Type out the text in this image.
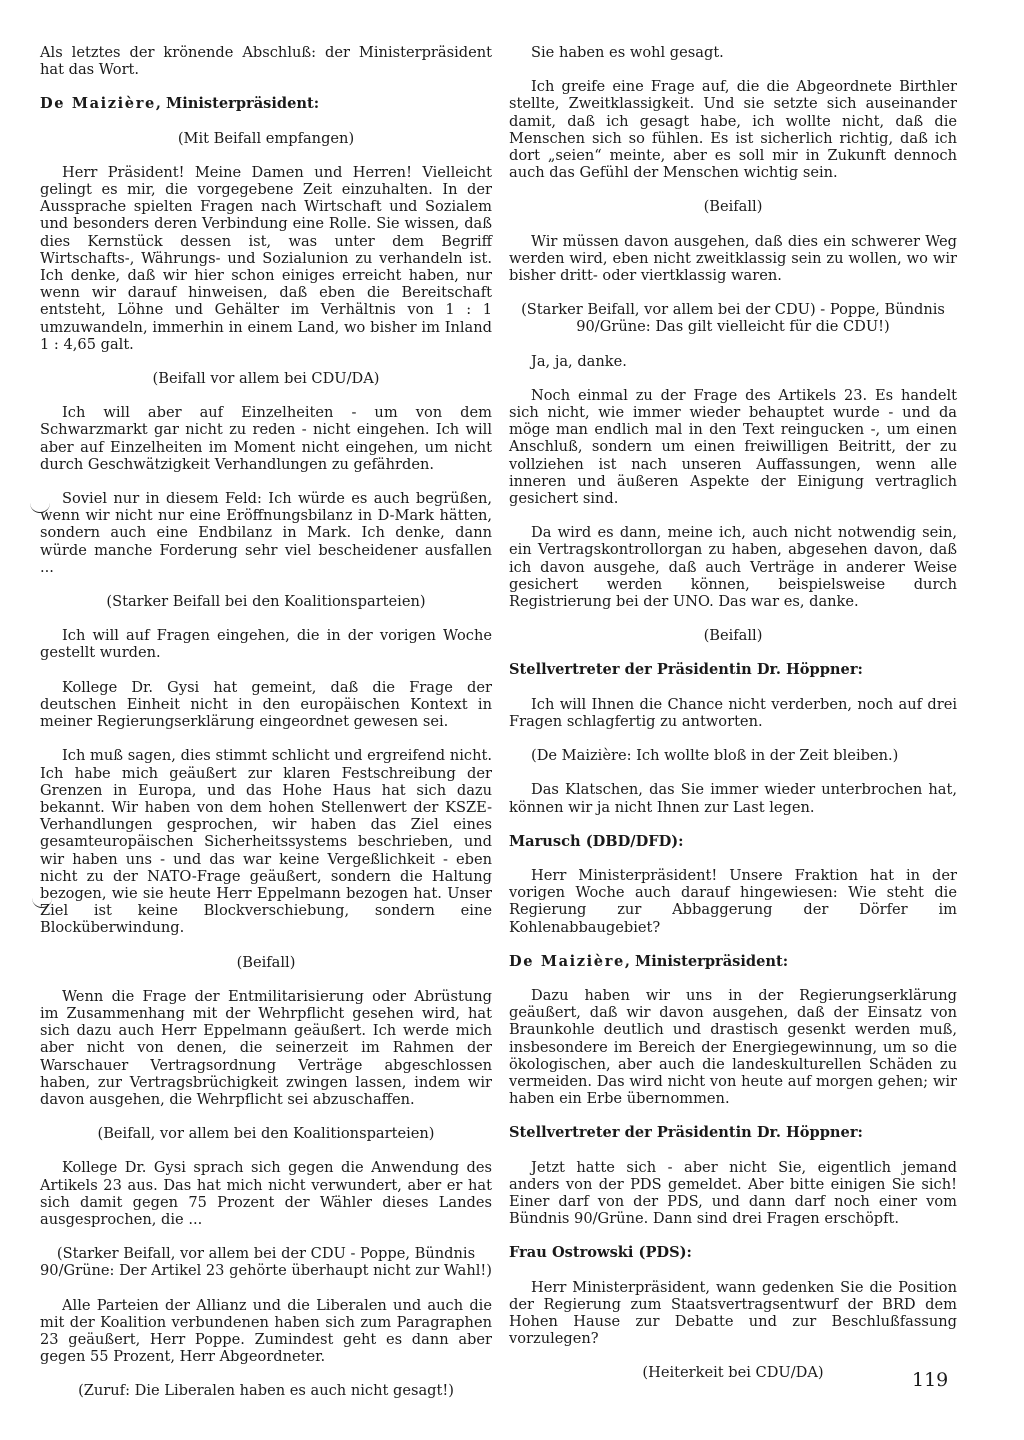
Als letztes der krönende Abschluß: der Ministerpräsident hat das Wort.

De Maizière, Ministerpräsident:

(Mit Beifall empfangen)

Herr Präsident! Meine Damen und Herren! Vielleicht gelingt es mir, die vorgegebene Zeit einzuhalten. In der Aussprache spielten Fragen nach Wirtschaft und Sozialem und besonders deren Verbindung eine Rolle. Sie wissen, daß dies Kernstück dessen ist, was unter dem Begriff Wirtschafts-, Währungs- und Sozialunion zu verhandeln ist. Ich denke, daß wir hier schon einiges erreicht haben, nur wenn wir darauf hinweisen, daß eben die Bereitschaft entsteht, Löhne und Gehälter im Verhältnis von 1 : 1 umzuwandeln, immerhin in einem Land, wo bisher im Inland 1 : 4,65 galt.

(Beifall vor allem bei CDU/DA)

Ich will aber auf Einzelheiten - um von dem Schwarzmarkt gar nicht zu reden - nicht eingehen. Ich will aber auf Einzelheiten im Moment nicht eingehen, um nicht durch Geschwätzigkeit Verhandlungen zu gefährden.

Soviel nur in diesem Feld: Ich würde es auch begrüßen, wenn wir nicht nur eine Eröffnungsbilanz in D-Mark hätten, sondern auch eine Endbilanz in Mark. Ich denke, dann würde manche Forderung sehr viel bescheidener ausfallen ...

(Starker Beifall bei den Koalitionsparteien)

Ich will auf Fragen eingehen, die in der vorigen Woche gestellt wurden.

Kollege Dr. Gysi hat gemeint, daß die Frage der deutschen Einheit nicht in den europäischen Kontext in meiner Regierungserklärung eingeordnet gewesen sei.

Ich muß sagen, dies stimmt schlicht und ergreifend nicht. Ich habe mich geäußert zur klaren Festschreibung der Grenzen in Europa, und das Hohe Haus hat sich dazu bekannt. Wir haben von dem hohen Stellenwert der KSZE-Verhandlungen gesprochen, wir haben das Ziel eines gesamteuropäischen Sicherheitssystems beschrieben, und wir haben uns - und das war keine Vergeßlichkeit - eben nicht zu der NATO-Frage geäußert, sondern die Haltung bezogen, wie sie heute Herr Eppelmann bezogen hat. Unser Ziel ist keine Blockverschiebung, sondern eine Blocküberwindung.

(Beifall)

Wenn die Frage der Entmilitarisierung oder Abrüstung im Zusammenhang mit der Wehrpflicht gesehen wird, hat sich dazu auch Herr Eppelmann geäußert. Ich werde mich aber nicht von denen, die seinerzeit im Rahmen der Warschauer Vertragsordnung Verträge abgeschlossen haben, zur Vertragsbrüchigkeit zwingen lassen, indem wir davon ausgehen, die Wehrpflicht sei abzuschaffen.

(Beifall, vor allem bei den Koalitionsparteien)

Kollege Dr. Gysi sprach sich gegen die Anwendung des Artikels 23 aus. Das hat mich nicht verwundert, aber er hat sich damit gegen 75 Prozent der Wähler dieses Landes ausgesprochen, die ...

(Starker Beifall, vor allem bei der CDU - Poppe, Bündnis 90/Grüne: Der Artikel 23 gehörte überhaupt nicht zur Wahl!)

Alle Parteien der Allianz und die Liberalen und auch die mit der Koalition verbundenen haben sich zum Paragraphen 23 geäußert, Herr Poppe. Zumindest geht es dann aber gegen 55 Prozent, Herr Abgeordneter.

(Zuruf: Die Liberalen haben es auch nicht gesagt!)

Sie haben es wohl gesagt.

Ich greife eine Frage auf, die die Abgeordnete Birthler stellte, Zweitklassigkeit. Und sie setzte sich auseinander damit, daß ich gesagt habe, ich wollte nicht, daß die Menschen sich so fühlen. Es ist sicherlich richtig, daß ich dort „seien“ meinte, aber es soll mir in Zukunft dennoch auch das Gefühl der Menschen wichtig sein.

(Beifall)

Wir müssen davon ausgehen, daß dies ein schwerer Weg werden wird, eben nicht zweitklassig sein zu wollen, wo wir bisher dritt- oder viertklassig waren.

(Starker Beifall, vor allem bei der CDU) - Poppe, Bündnis 90/Grüne: Das gilt vielleicht für die CDU!)

Ja, ja, danke.

Noch einmal zu der Frage des Artikels 23. Es handelt sich nicht, wie immer wieder behauptet wurde - und da möge man endlich mal in den Text reingucken -, um einen Anschluß, sondern um einen freiwilligen Beitritt, der zu vollziehen ist nach unseren Auffassungen, wenn alle inneren und äußeren Aspekte der Einigung vertraglich gesichert sind.

Da wird es dann, meine ich, auch nicht notwendig sein, ein Vertragskontrollorgan zu haben, abgesehen davon, daß ich davon ausgehe, daß auch Verträge in anderer Weise gesichert werden können, beispielsweise durch Registrierung bei der UNO. Das war es, danke.

(Beifall)

Stellvertreter der Präsidentin Dr. Höppner:

Ich will Ihnen die Chance nicht verderben, noch auf drei Fragen schlagfertig zu antworten.

(De Maizière: Ich wollte bloß in der Zeit bleiben.)

Das Klatschen, das Sie immer wieder unterbrochen hat, können wir ja nicht Ihnen zur Last legen.

Marusch (DBD/DFD):

Herr Ministerpräsident! Unsere Fraktion hat in der vorigen Woche auch darauf hingewiesen: Wie steht die Regierung zur Abbaggerung der Dörfer im Kohlenabbaugebiet?

De Maizière, Ministerpräsident:

Dazu haben wir uns in der Regierungserklärung geäußert, daß wir davon ausgehen, daß der Einsatz von Braunkohle deutlich und drastisch gesenkt werden muß, insbesondere im Bereich der Energiegewinnung, um so die ökologischen, aber auch die landeskulturellen Schäden zu vermeiden. Das wird nicht von heute auf morgen gehen; wir haben ein Erbe übernommen.

Stellvertreter der Präsidentin Dr. Höppner:

Jetzt hatte sich - aber nicht Sie, eigentlich jemand anders von der PDS gemeldet. Aber bitte einigen Sie sich! Einer darf von der PDS, und dann darf noch einer vom Bündnis 90/Grüne. Dann sind drei Fragen erschöpft.

Frau Ostrowski (PDS):

Herr Ministerpräsident, wann gedenken Sie die Position der Regierung zum Staatsvertragsentwurf der BRD dem Hohen Hause zur Debatte und zur Beschlußfassung vorzulegen?

(Heiterkeit bei CDU/DA)	119
